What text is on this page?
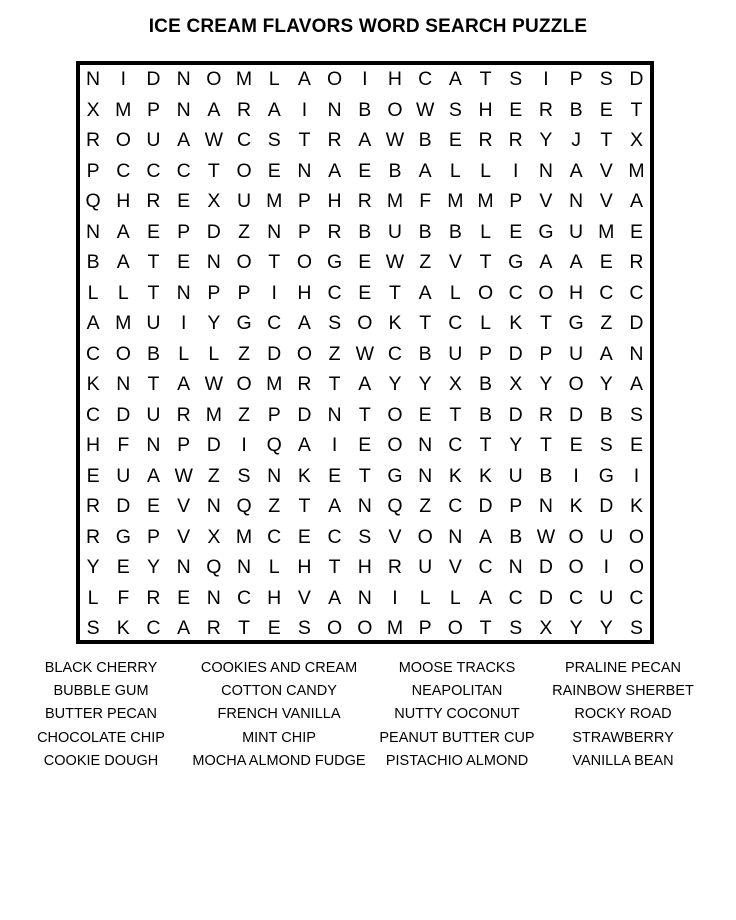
ICE CREAM FLAVORS WORD SEARCH PUZZLE
N	I	D N O M L A O	I	H C A T S	I	P S D
X M P N A R A	I	N B O W S H E R B E T
R O U A W C S T R A W B E R R Y J T X
P C C C T O E N A E B A L L	I	N A V M
Q H R E X U M P H R M F M M P V N V A
N A E P D Z N P R B U B B L E G U M E
B A T E N O T O G E W Z V T G A A E R
L L T N P P	I	H C E T A L O C O H C C
A M U	I	Y G C A S O K T C L K T G Z D
C O B L L Z D O Z W C B U P D P U A N
K N T A W O M R T A Y Y X B X Y O Y A
C D U R M Z P D N T O E T B D R D B S
H F N P D	I	Q A	I	E O N C T Y T E S E
E U A W Z S N K E T G N K K U B	I	G	I
R D E V N Q Z T A N Q Z C D P N K D K
R G P V X M C E C S V O N A B W O U O
Y E Y N Q N L H T H R U V C N D O	I	O
L F R E N C H V A N	I	L L A C D C U C
S K C A R T E S O O M P O T S X Y Y S
BLACK CHERRY
BUBBLE GUM
BUTTER PECAN
CHOCOLATE CHIP
COOKIE DOUGH
COOKIES AND CREAM
COTTON CANDY
FRENCH VANILLA
MINT CHIP
MOCHA ALMOND FUDGE
MOOSE TRACKS
NEAPOLITAN
NUTTY COCONUT
PEANUT BUTTER CUP
PISTACHIO ALMOND
PRALINE PECAN
RAINBOW SHERBET
ROCKY ROAD
STRAWBERRY
VANILLA BEAN
